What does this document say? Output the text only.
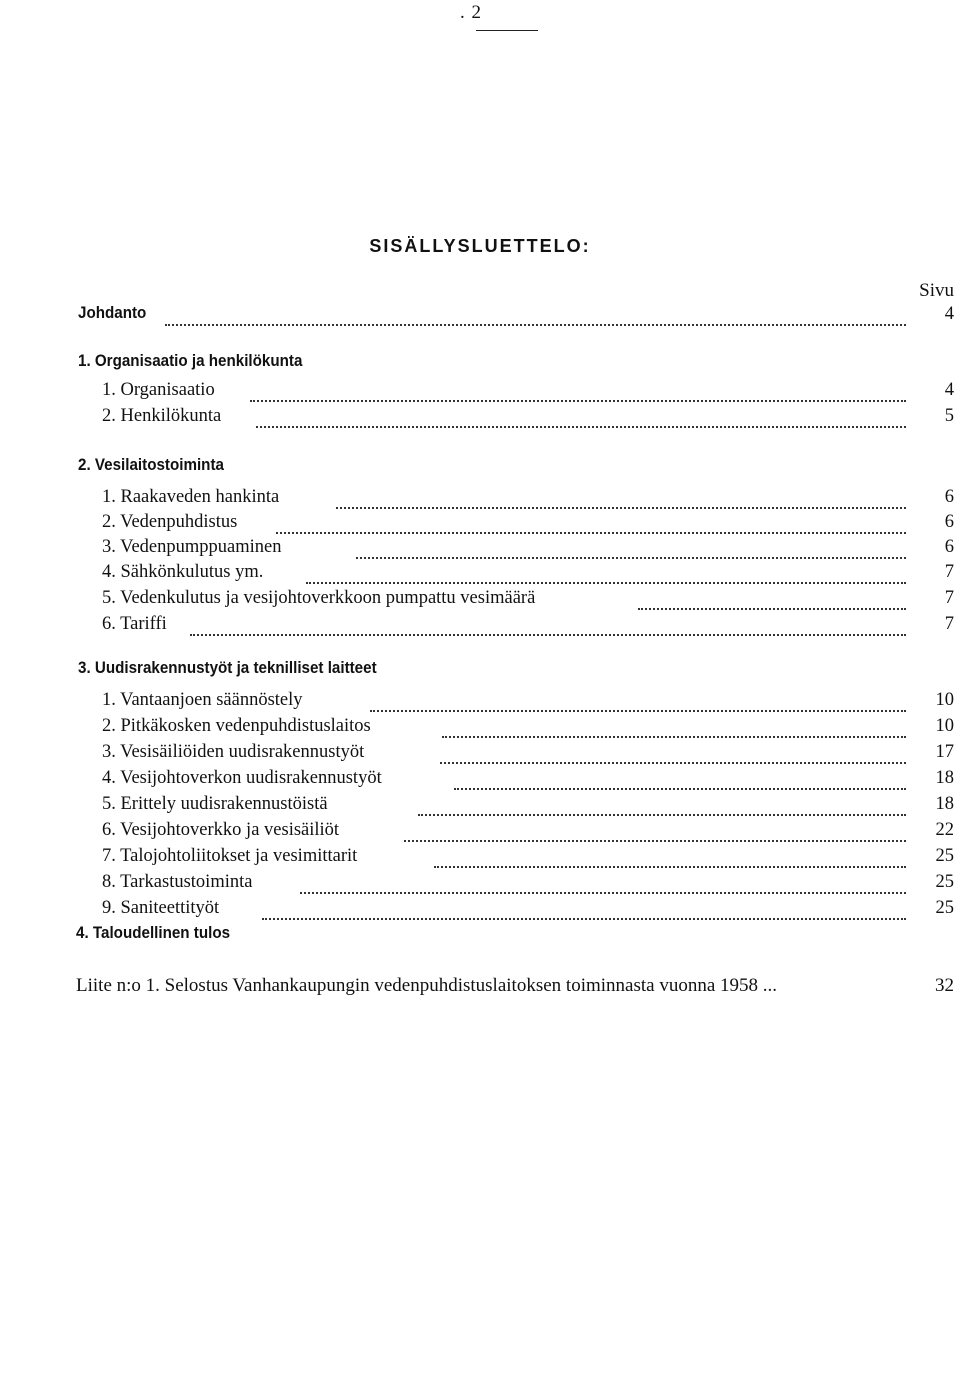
. 2
SISÄLLYSLUETTELO:
Sivu
Johdanto	4
1. Organisaatio ja henkilökunta
1. Organisaatio	4
2. Henkilökunta	5
2. Vesilaitostoiminta
1. Raakaveden hankinta	6
2. Vedenpuhdistus	6
3. Vedenpumppuaminen	6
4. Sähkönkulutus ym.	7
5. Vedenkulutus ja vesijohtoverkkoon pumpattu vesimäärä	7
6. Tariffi	7
3. Uudisrakennustyöt ja teknilliset laitteet
1. Vantaanjoen säännöstely	10
2. Pitkäkosken vedenpuhdistuslaitos	10
3. Vesisäiliöiden uudisrakennustyöt	17
4. Vesijohtoverkon uudisrakennustyöt	18
5. Erittely uudisrakennustöistä	18
6. Vesijohtoverkko ja vesisäiliöt	22
7. Talojohtoliitokset ja vesimittarit	25
8. Tarkastustoiminta	25
9. Saniteettityöt	25
4. Taloudellinen tulos
Liite n:o 1. Selostus Vanhankaupungin vedenpuhdistuslaitoksen toiminnasta vuonna 1958 ...	32
